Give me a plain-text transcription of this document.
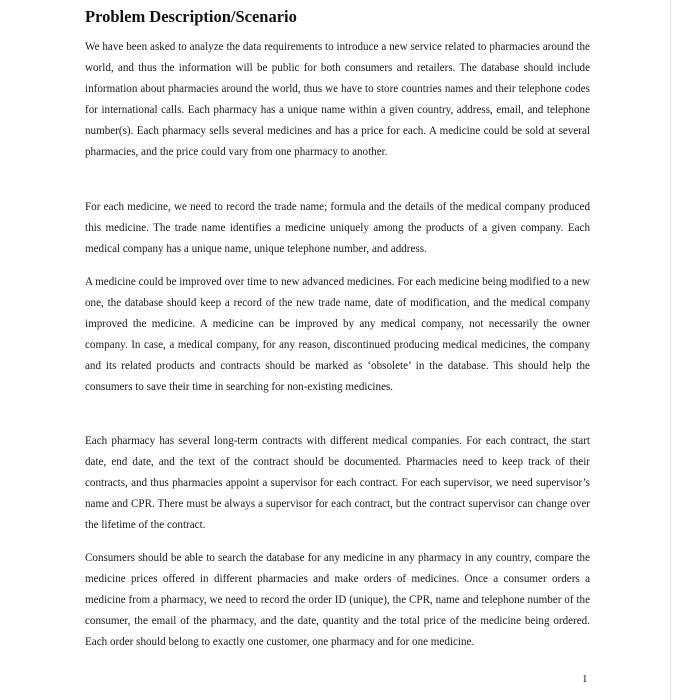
Problem Description/Scenario

We have been asked to analyze the data requirements to introduce a new service related to pharmacies around the world, and thus the information will be public for both consumers and retailers. The database should include information about pharmacies around the world, thus we have to store countries names and their telephone codes for international calls. Each pharmacy has a unique name within a given country, address, email, and telephone number(s). Each pharmacy sells several medicines and has a price for each. A medicine could be sold at several pharmacies, and the price could vary from one pharmacy to another.

For each medicine, we need to record the trade name; formula and the details of the medical company produced this medicine. The trade name identifies a medicine uniquely among the products of a given company. Each medical company has a unique name, unique telephone number, and address.

A medicine could be improved over time to new advanced medicines. For each medicine being modified to a new one, the database should keep a record of the new trade name, date of modification, and the medical company improved the medicine. A medicine can be improved by any medical company, not necessarily the owner company. In case, a medical company, for any reason, discontinued producing medical medicines, the company and its related products and contracts should be marked as ‘obsolete’ in the database. This should help the consumers to save their time in searching for non-existing medicines.

Each pharmacy has several long-term contracts with different medical companies. For each contract, the start date, end date, and the text of the contract should be documented. Pharmacies need to keep track of their contracts, and thus pharmacies appoint a supervisor for each contract. For each supervisor, we need supervisor’s name and CPR. There must be always a supervisor for each contract, but the contract supervisor can change over the lifetime of the contract.

Consumers should be able to search the database for any medicine in any pharmacy in any country, compare the medicine prices offered in different pharmacies and make orders of medicines. Once a consumer orders a medicine from a pharmacy, we need to record the order ID (unique), the CPR, name and telephone number of the consumer, the email of the pharmacy, and the date, quantity and the total price of the medicine being ordered. Each order should belong to exactly one customer, one pharmacy and for one medicine.

1
